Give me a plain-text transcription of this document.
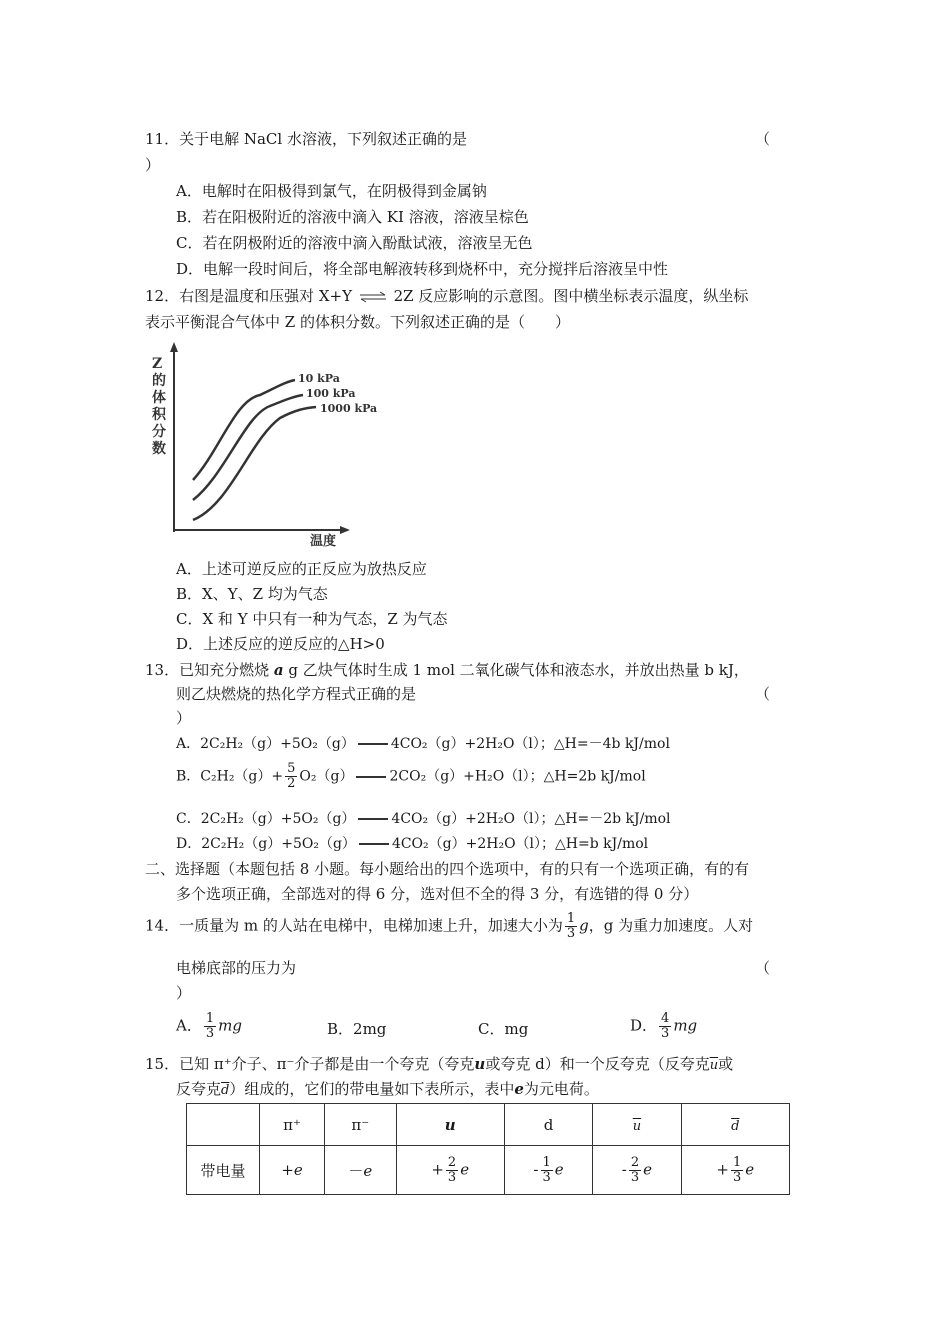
11．关于电解 NaCl 水溶液，下列叙述正确的是	（
）
A．电解时在阳极得到氯气，在阴极得到金属钠
B．若在阳极附近的溶液中滴入 KI 溶液，溶液呈棕色
C．若在阴极附近的溶液中滴入酚酞试液，溶液呈无色
D．电解一段时间后，将全部电解液转移到烧杯中，充分搅拌后溶液呈中性
12．右图是温度和压强对 X+Y ⇌ 2Z 反应影响的示意图。图中横坐标表示温度，纵坐标
表示平衡混合气体中 Z 的体积分数。下列叙述正确的是（　　）
Z 的体积分数
温度
10 kPa
100 kPa
1000 kPa
A．上述可逆反应的正反应为放热反应
B．X、Y、Z 均为气态
C．X 和 Y 中只有一种为气态，Z 为气态
D．上述反应的逆反应的△H>0
13．已知充分燃烧 a g 乙炔气体时生成 1 mol 二氧化碳气体和液态水，并放出热量 b kJ，
则乙炔燃烧的热化学方程式正确的是	（
）
A．2C₂H₂（g）+5O₂（g）	4CO₂（g）+2H₂O（l）；△H=－4b kJ/mol
B．$C_2H_2(g)+ \frac{5}{2} O_2(g)$	2CO₂（g）+H₂O（l）；△H=2b kJ/mol
C．2C₂H₂（g）+5O₂（g）	4CO₂（g）+2H₂O（l）；△H=－2b kJ/mol
D．2C₂H₂（g）+5O₂（g）	4CO₂（g）+2H₂O（l）；△H=b kJ/mol
二、选择题（本题包括 8 小题。每小题给出的四个选项中，有的只有一个选项正确，有的有
多个选项正确，全部选对的得 6 分，选对但不全的得 3 分，有选错的得 0 分）
14．一质量为 m 的人站在电梯中，电梯加速上升，加速大小为 $\frac{1}{3}$ g，g 为重力加速度。人对
电梯底部的压力为	（
）
A． $\frac{1}{3}$ mg	B．2mg	C．mg	D． $\frac{4}{3}$ mg
15．已知 π⁺介子、π⁻介子都是由一个夸克（夸克u或夸克 d）和一个反夸克（反夸克$\overline{u}$或
反夸克$\overline{d}$）组成的，它们的带电量如下表所示，表中e为元电荷。
	π⁺	π⁻	u	d	$\overline{u}$	$\overline{d}$
带电量	+e	－e	+ $\frac{2}{3}$ e	- $\frac{1}{3}$ e	- $\frac{2}{3}$ e	+ $\frac{1}{3}$ e
